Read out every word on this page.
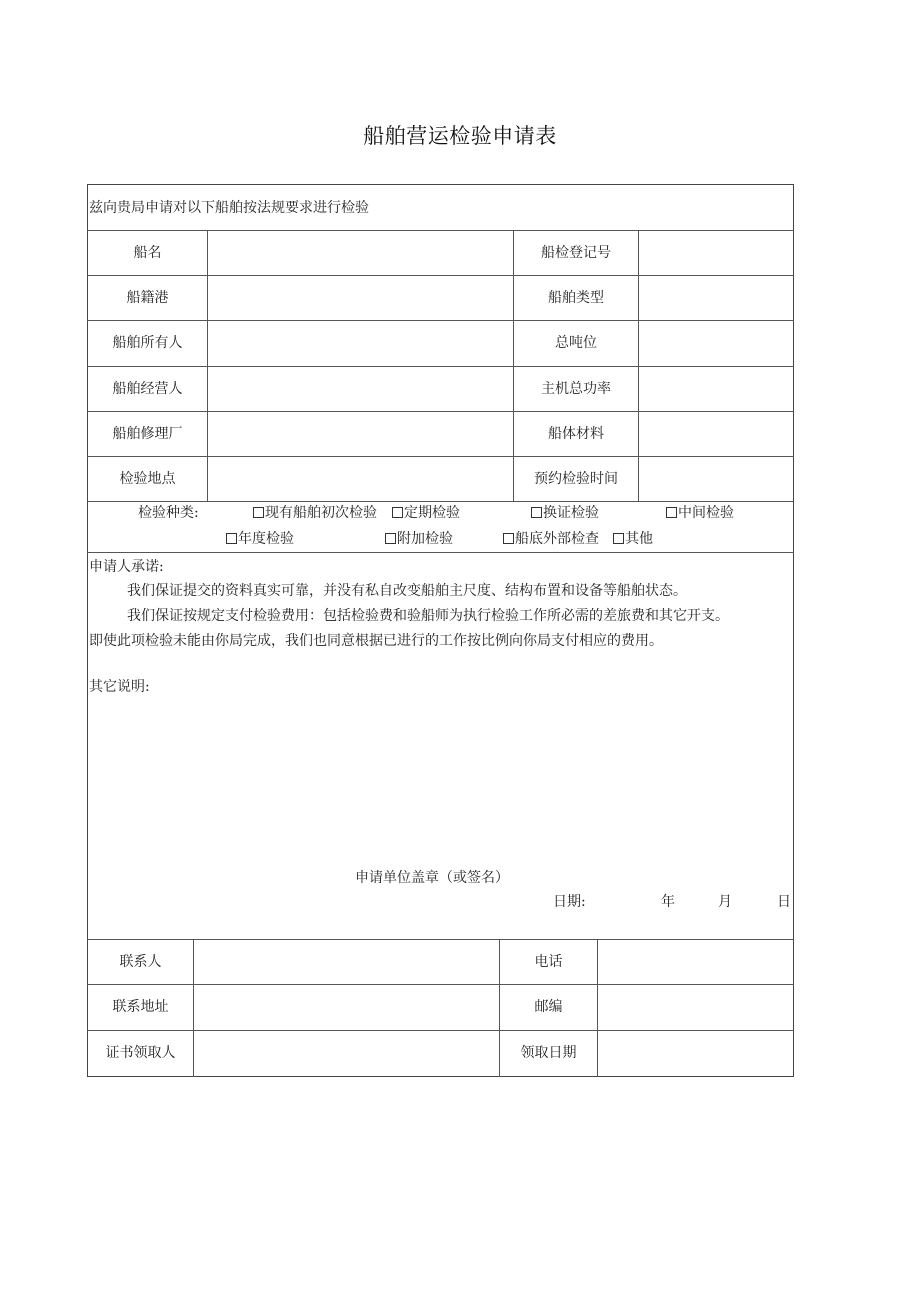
船舶营运检验申请表
兹向贵局申请对以下船舶按法规要求进行检验
船名	船检登记号
船籍港	船舶类型
船舶所有人	总吨位
船舶经营人	主机总功率
船舶修理厂	船体材料
检验地点	预约检验时间
检验种类:	现有船舶初次检验	定期检验	换证检验	中间检验
年度检验	附加检验	船底外部检查	其他
申请人承诺:
我们保证提交的资料真实可靠，并没有私自改变船舶主尺度、结构布置和设备等船舶状态。
我们保证按规定支付检验费用：包括检验费和验船师为执行检验工作所必需的差旅费和其它开支。
即使此项检验未能由你局完成，我们也同意根据已进行的工作按比例向你局支付相应的费用。
其它说明:
申请单位盖章（或签名）
日期:	年	月	日
联系人	电话
联系地址	邮编
证书领取人	领取日期
